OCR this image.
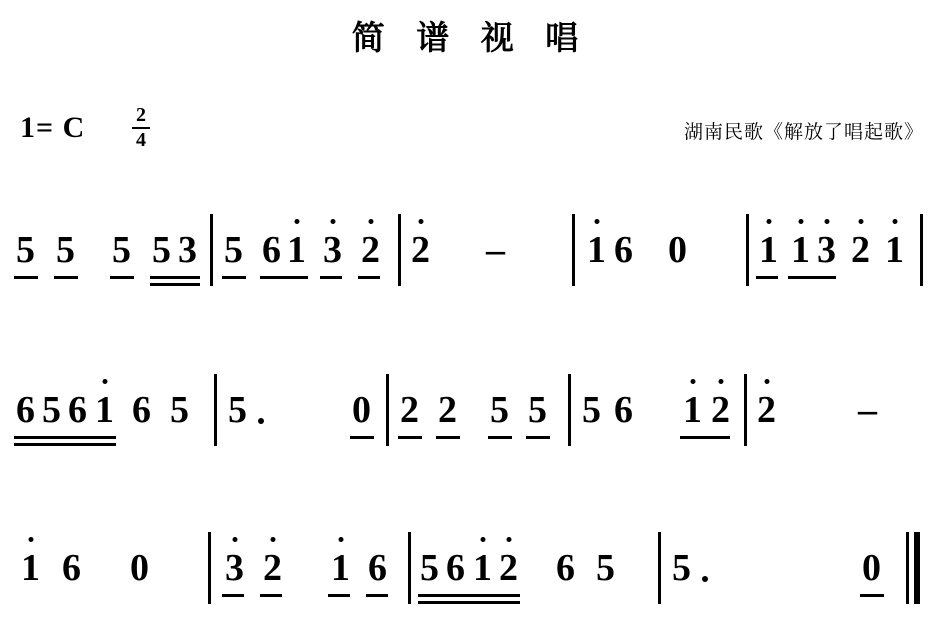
简 谱 视 唱
1= C	2
4	湖南民歌《解放了唱起歌》
5 5 5 5 3 5 6 1 3 2 2 – 1 6 0 1 1 3 2 1
6 5 6 1 6 5 5	0 2 2 5 5 5 6 1 2 2 –
1 6 0 3 2 1 6 5 6 1 2 6 5 5	0
